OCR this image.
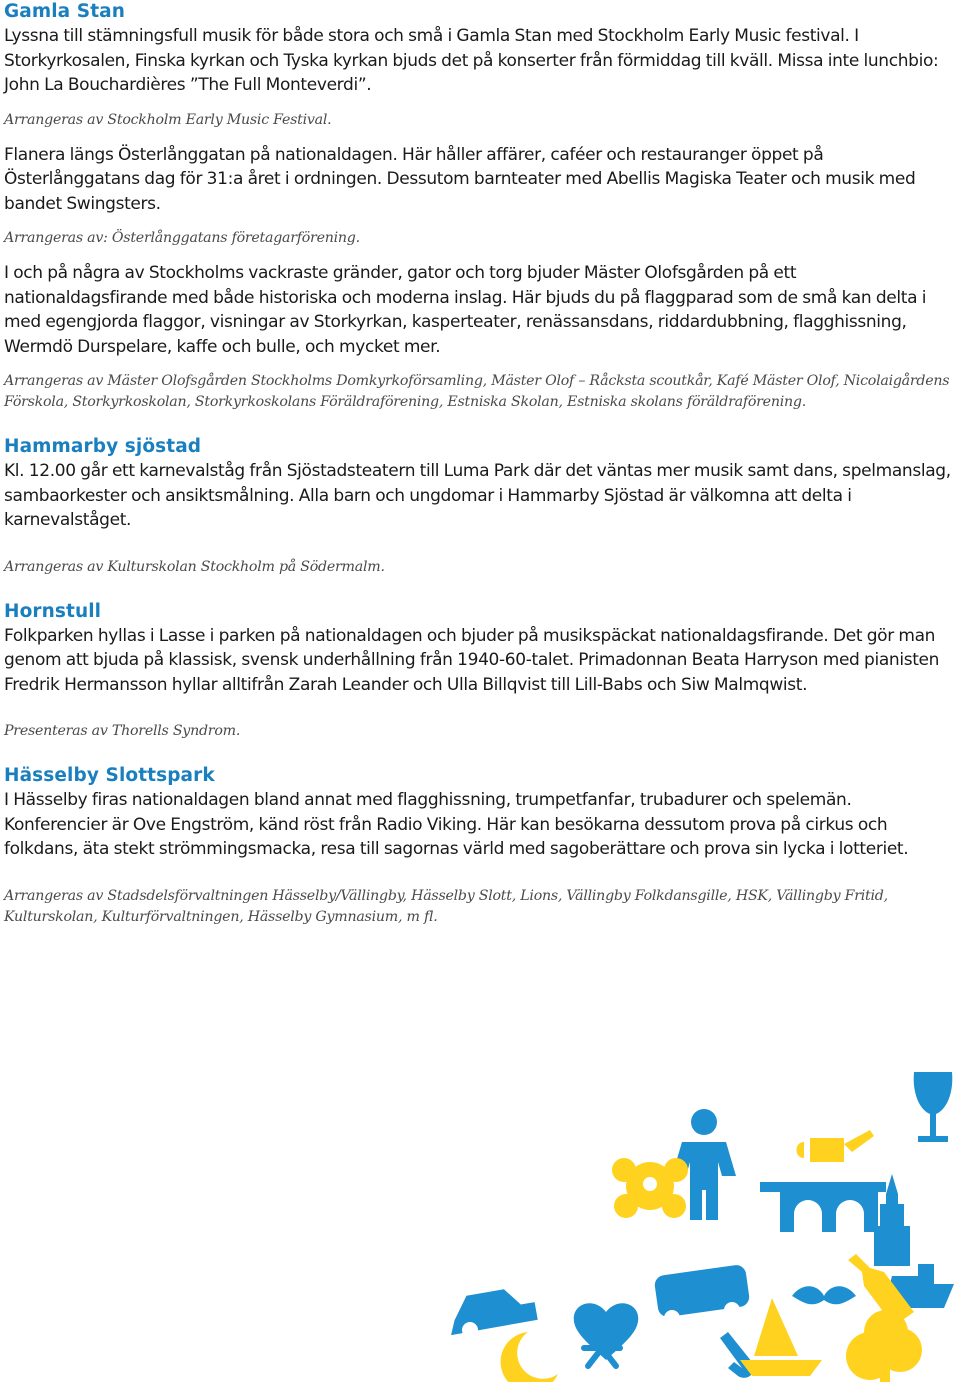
Gamla Stan

Lyssna till stämningsfull musik för både stora och små i Gamla Stan med Stockholm Early Music festival. I Storkyrkosalen, Finska kyrkan och Tyska kyrkan bjuds det på konserter från förmiddag till kväll. Missa inte lunchbio: John La Bouchardières ”The Full Monteverdi”.

Arrangeras av Stockholm Early Music Festival.

Flanera längs Österlånggatan på nationaldagen. Här håller affärer, caféer och restauranger öppet på Österlånggatans dag för 31:a året i ordningen. Dessutom barnteater med Abellis Magiska Teater och musik med bandet Swingsters.

Arrangeras av: Österlånggatans företagarförening.

I och på några av Stockholms vackraste gränder, gator och torg bjuder Mäster Olofsgården på ett nationaldagsfirande med både historiska och moderna inslag. Här bjuds du på flaggparad som de små kan delta i med egengjorda flaggor, visningar av Storkyrkan, kasperteater, renässansdans, riddardubbning, flagghissning, Wermdö Durspelare, kaffe och bulle, och mycket mer.

Arrangeras av Mäster Olofsgården Stockholms Domkyrkoförsamling, Mäster Olof – Råcksta scoutkår, Kafé Mäster Olof, Nicolaigårdens Förskola, Storkyrkoskolan, Storkyrkoskolans Föräldraförening, Estniska Skolan, Estniska skolans föräldraförening.

Hammarby sjöstad

Kl. 12.00 går ett karnevalståg från Sjöstadsteatern till Luma Park där det väntas mer musik samt dans, spelmanslag, sambaorkester och ansiktsmålning. Alla barn och ungdomar i Hammarby Sjöstad är välkomna att delta i karnevalståget.

Arrangeras av Kulturskolan Stockholm på Södermalm.

Hornstull

Folkparken hyllas i Lasse i parken på nationaldagen och bjuder på musikspäckat nationaldagsfirande. Det gör man genom att bjuda på klassisk, svensk underhållning från 1940-60-talet. Primadonnan Beata Harryson med pianisten Fredrik Hermansson hyllar alltifrån Zarah Leander och Ulla Billqvist till Lill-Babs och Siw Malmqwist.

Presenteras av Thorells Syndrom.

Hässelby Slottspark

I Hässelby firas nationaldagen bland annat med flagghissning, trumpetfanfar, trubadurer och spelemän. Konferencier är Ove Engström, känd röst från Radio Viking. Här kan besökarna dessutom prova på cirkus och folkdans, äta stekt strömmingsmacka, resa till sagornas värld med sagoberättare och prova sin lycka i lotteriet.

Arrangeras av Stadsdelsförvaltningen Hässelby/Vällingby, Hässelby Slott, Lions, Vällingby Folkdansgille, HSK, Vällingby Fritid, Kulturskolan, Kulturförvaltningen, Hässelby Gymnasium, m fl.
